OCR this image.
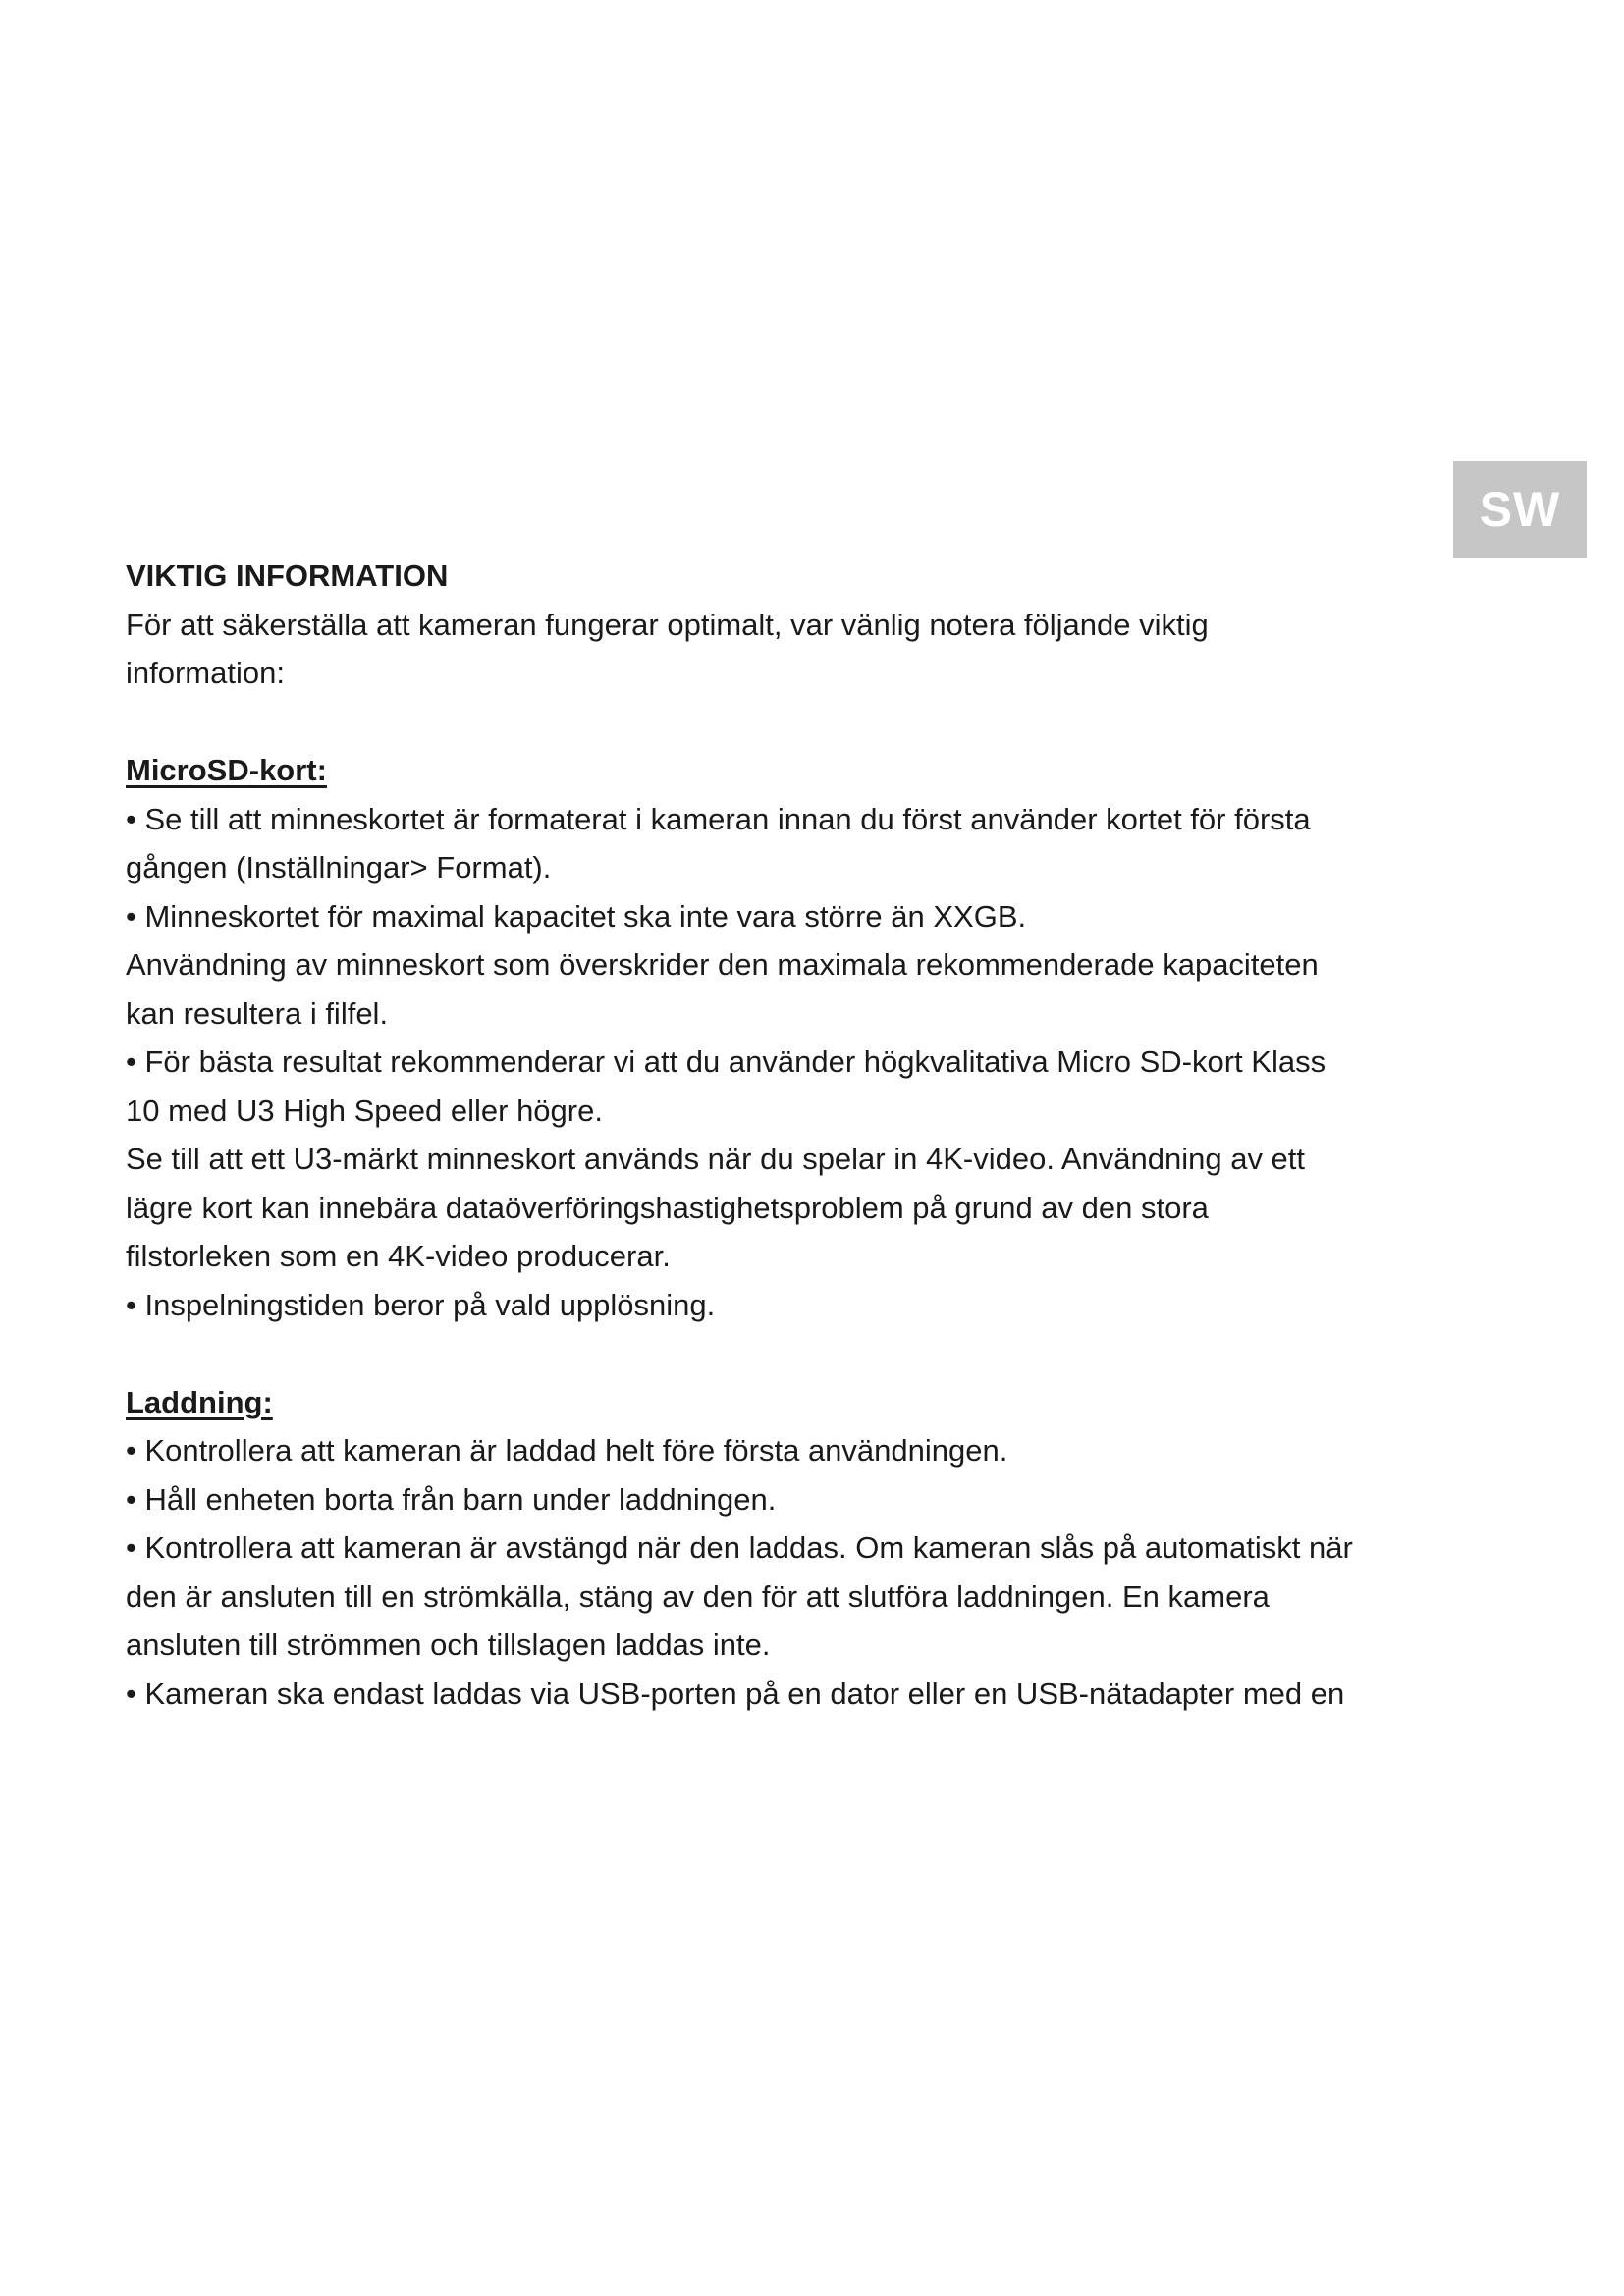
SW
VIKTIG INFORMATION
För att säkerställa att kameran fungerar optimalt, var vänlig notera följande viktig
information:
MicroSD-kort:
• Se till att minneskortet är formaterat i kameran innan du först använder kortet för första
gången (Inställningar> Format).
• Minneskortet för maximal kapacitet ska inte vara större än XXGB.
Användning av minneskort som överskrider den maximala rekommenderade kapaciteten
kan resultera i filfel.
• För bästa resultat rekommenderar vi att du använder högkvalitativa Micro SD-kort Klass
10 med U3 High Speed eller högre.
Se till att ett U3-märkt minneskort används när du spelar in 4K-video. Användning av ett
lägre kort kan innebära dataöverföringshastighetsproblem på grund av den stora
filstorleken som en 4K-video producerar.
• Inspelningstiden beror på vald upplösning.
Laddning:
• Kontrollera att kameran är laddad helt före första användningen.
• Håll enheten borta från barn under laddningen.
• Kontrollera att kameran är avstängd när den laddas. Om kameran slås på automatiskt när
den är ansluten till en strömkälla, stäng av den för att slutföra laddningen. En kamera
ansluten till strömmen och tillslagen laddas inte.
• Kameran ska endast laddas via USB-porten på en dator eller en USB-nätadapter med en
